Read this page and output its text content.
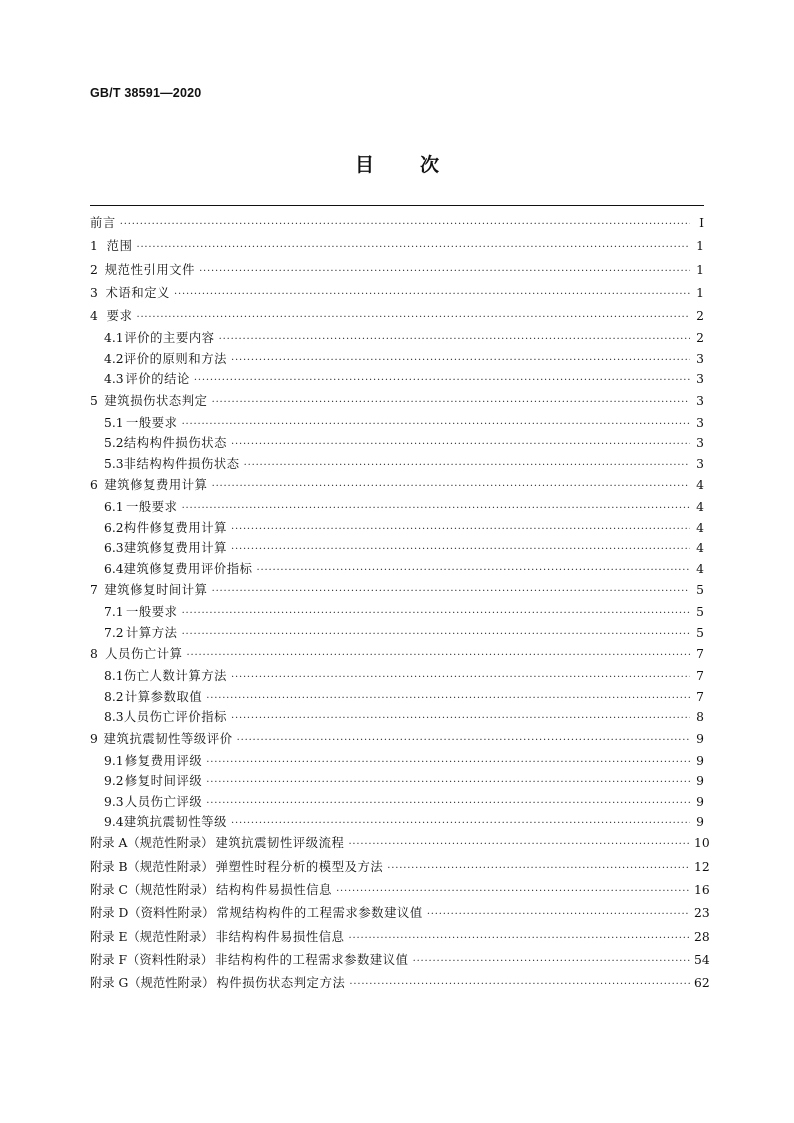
GB/T 38591—2020

目 次
前言 ·····	Ⅰ
1 范围 ·····	1
2 规范性引用文件 ·····	1
3 术语和定义 ·····	1
4 要求 ·····	2
4.1 评价的主要内容 ·····	2
4.2 评价的原则和方法 ·····	3
4.3 评价的结论 ·····	3
5 建筑损伤状态判定 ·····	3
5.1 一般要求 ·····	3
5.2 结构构件损伤状态 ·····	3
5.3 非结构构件损伤状态 ·····	3
6 建筑修复费用计算 ·····	4
6.1 一般要求 ·····	4
6.2 构件修复费用计算 ·····	4
6.3 建筑修复费用计算 ·····	4
6.4 建筑修复费用评价指标 ·····	4
7 建筑修复时间计算 ·····	5
7.1 一般要求 ·····	5
7.2 计算方法 ·····	5
8 人员伤亡计算 ·····	7
8.1 伤亡人数计算方法 ·····	7
8.2 计算参数取值 ·····	7
8.3 人员伤亡评价指标 ·····	8
9 建筑抗震韧性等级评价 ·····	9
9.1 修复费用评级 ·····	9
9.2 修复时间评级 ·····	9
9.3 人员伤亡评级 ·····	9
9.4 建筑抗震韧性等级 ·····	9
附录 A（规范性附录） 建筑抗震韧性评级流程 ·····	10
附录 B（规范性附录） 弹塑性时程分析的模型及方法 ·····	12
附录 C（规范性附录） 结构构件易损性信息 ·····	16
附录 D（资料性附录） 常规结构构件的工程需求参数建议值 ·····	23
附录 E（规范性附录） 非结构构件易损性信息 ·····	28
附录 F（资料性附录） 非结构构件的工程需求参数建议值 ·····	54
附录 G（规范性附录） 构件损伤状态判定方法 ·····	62
